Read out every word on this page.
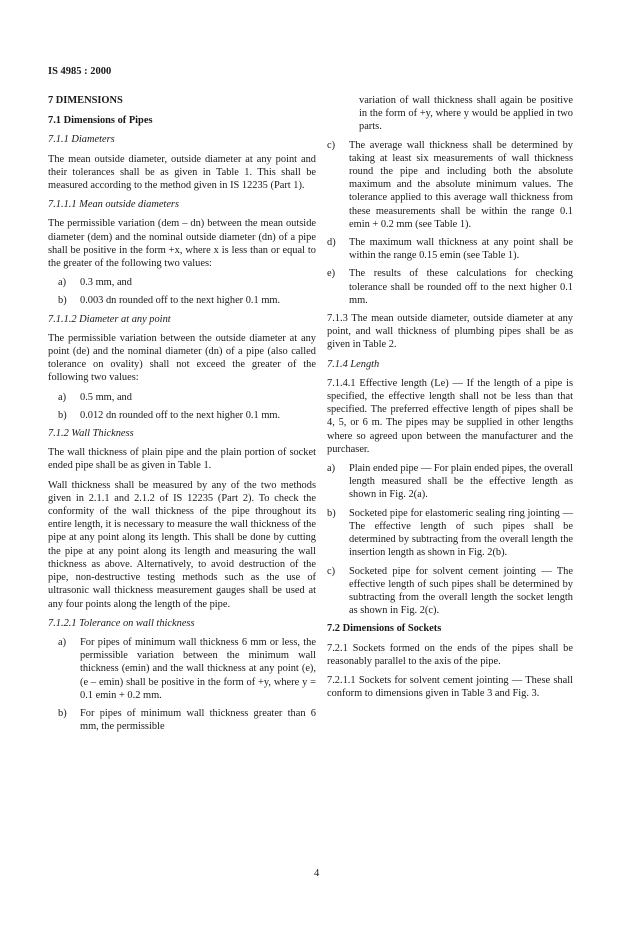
IS 4985 : 2000
7 DIMENSIONS
7.1 Dimensions of Pipes
7.1.1 Diameters

The mean outside diameter, outside diameter at any point and their tolerances shall be as given in Table 1. This shall be measured according to the method given in IS 12235 (Part 1).

7.1.1.1 Mean outside diameters

The permissible variation (dem – dn) between the mean outside diameter (dem) and the nominal outside diameter (dn) of a pipe shall be positive in the form +x, where x is less than or equal to the greater of the following two values:

a)	0.3 mm, and
b)	0.003 dn rounded off to the next higher 0.1 mm.
7.1.1.2 Diameter at any point

The permissible variation between the outside diameter at any point (de) and the nominal diameter (dn) of a pipe (also called tolerance on ovality) shall not exceed the greater of the following two values:

a)	0.5 mm, and
b)	0.012 dn rounded off to the next higher 0.1 mm.
7.1.2 Wall Thickness

The wall thickness of plain pipe and the plain portion of socket ended pipe shall be as given in Table 1.

Wall thickness shall be measured by any of the two methods given in 2.1.1 and 2.1.2 of IS 12235 (Part 2). To check the conformity of the wall thickness of the pipe throughout its entire length, it is necessary to measure the wall thickness of the pipe at any point along its length. This shall be done by cutting the pipe at any point along its length and measuring the wall thickness as above. Alternatively, to avoid destruction of the pipe, non-destructive testing methods such as the use of ultrasonic wall thickness measurement gauges shall be used at any four points along the length of the pipe.

7.1.2.1 Tolerance on wall thickness
a)	For pipes of minimum wall thickness 6 mm or less, the permissible variation between the minimum wall thickness (emin) and the wall thickness at any point (e), (e – emin) shall be positive in the form of +y, where y = 0.1 emin + 0.2 mm.
b)	For pipes of minimum wall thickness greater than 6 mm, the permissible
variation of wall thickness shall again be positive in the form of +y, where y would be applied in two parts.
c)	The average wall thickness shall be determined by taking at least six measurements of wall thickness round the pipe and including both the absolute maximum and the absolute minimum values. The tolerance applied to this average wall thickness from these measurements shall be within the range 0.1 emin + 0.2 mm (see Table 1).
d)	The maximum wall thickness at any point shall be within the range 0.15 emin (see Table 1).
e)	The results of these calculations for checking tolerance shall be rounded off to the next higher 0.1 mm.

7.1.3 The mean outside diameter, outside diameter at any point, and wall thickness of plumbing pipes shall be as given in Table 2.

7.1.4 Length

7.1.4.1 Effective length (Le) — If the length of a pipe is specified, the effective length shall not be less than that specified. The preferred effective length of pipes shall be 4, 5, or 6 m. The pipes may be supplied in other lengths where so agreed upon between the manufacturer and the purchaser.

a)	Plain ended pipe — For plain ended pipes, the overall length measured shall be the effective length as shown in Fig. 2(a).
b)	Socketed pipe for elastomeric sealing ring jointing — The effective length of such pipes shall be determined by subtracting from the overall length the insertion length as shown in Fig. 2(b).
c)	Socketed pipe for solvent cement jointing — The effective length of such pipes shall be determined by subtracting from the overall length the socket length as shown in Fig. 2(c).
7.2 Dimensions of Sockets

7.2.1 Sockets formed on the ends of the pipes shall be reasonably parallel to the axis of the pipe.

7.2.1.1 Sockets for solvent cement jointing — These shall conform to dimensions given in Table 3 and Fig. 3.

4
